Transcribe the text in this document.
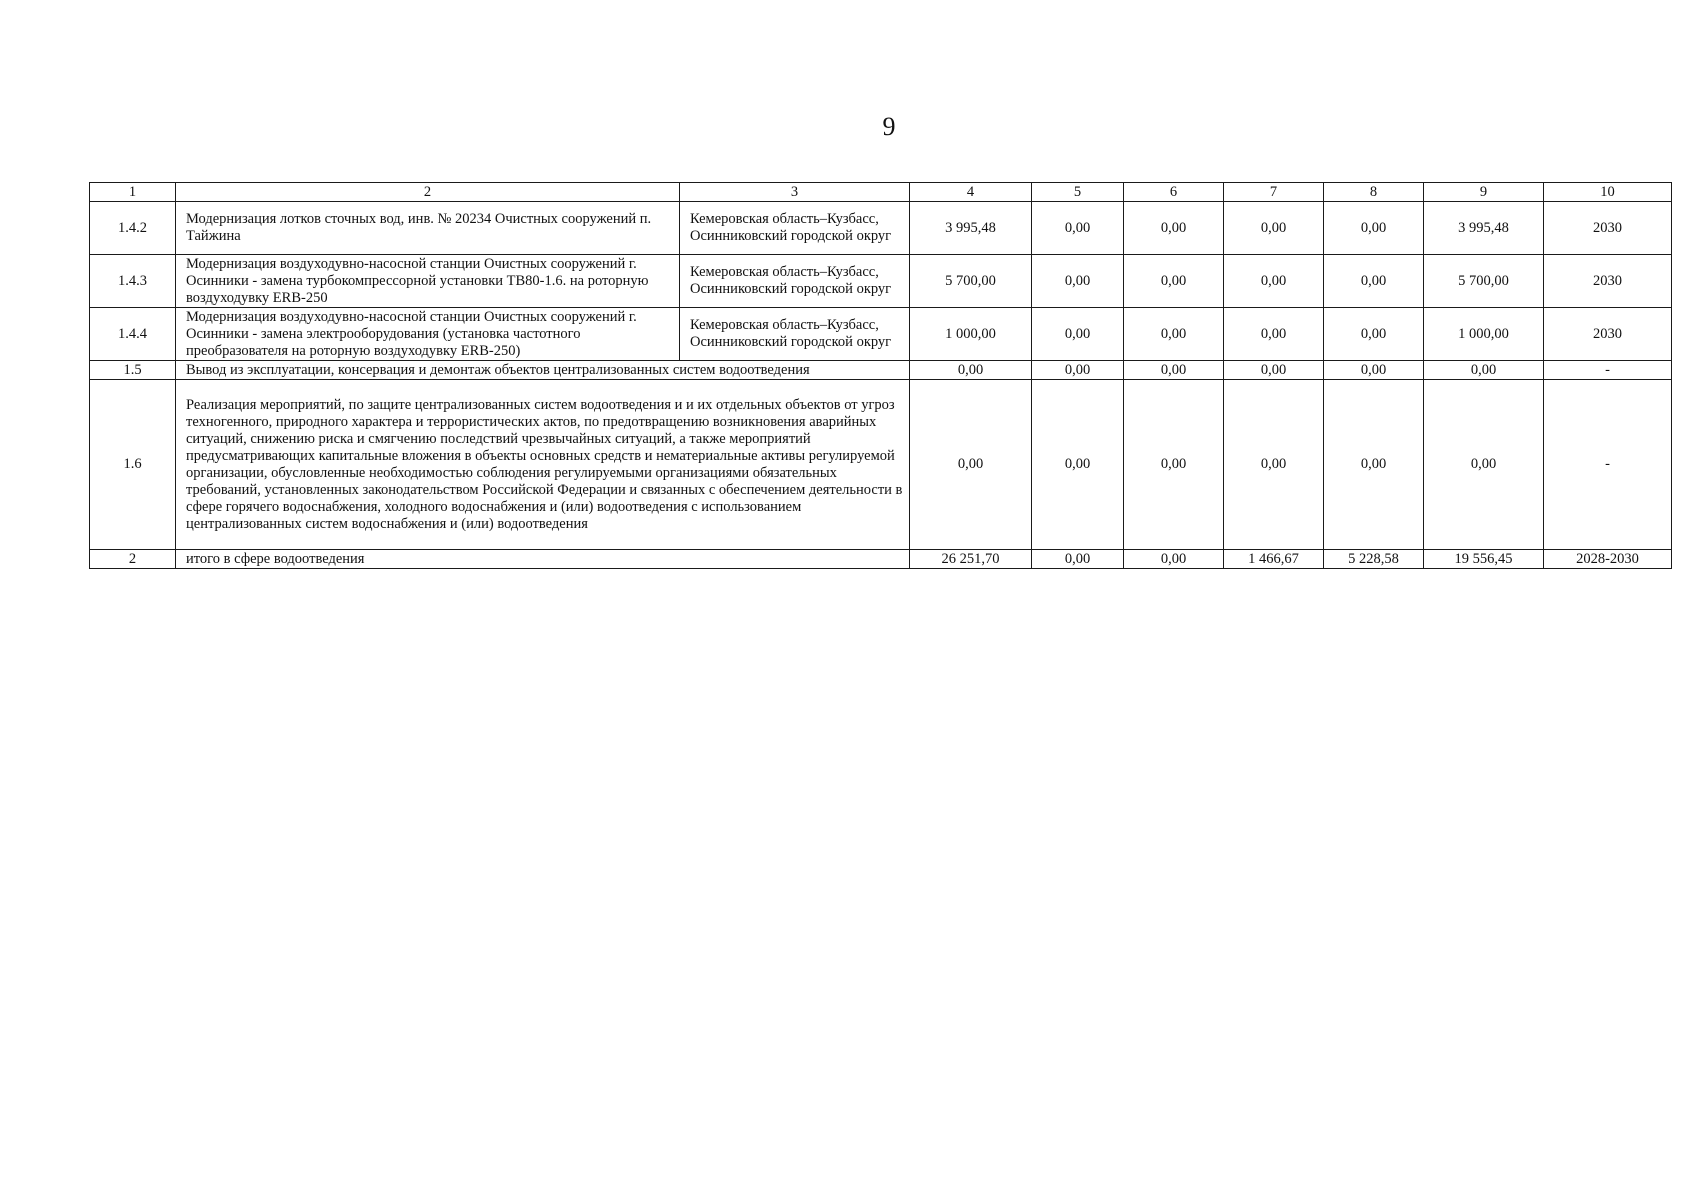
9
1	2	3	4	5	6	7	8	9	10
1.4.2	Модернизация лотков сточных вод, инв. № 20234 Очистных сооружений п. Тайжина	Кемеровская область–Кузбасс, Осинниковский городской округ	3 995,48	0,00	0,00	0,00	0,00	3 995,48	2030
1.4.3	Модернизация воздуходувно-насосной станции Очистных сооружений г. Осинники - замена турбокомпрессорной установки ТВ80-1.6. на роторную воздуходувку ERB-250	Кемеровская область–Кузбасс, Осинниковский городской округ	5 700,00	0,00	0,00	0,00	0,00	5 700,00	2030
1.4.4	Модернизация воздуходувно-насосной станции Очистных сооружений г. Осинники - замена электрооборудования (установка частотного преобразователя на роторную воздуходувку ERB-250)	Кемеровская область–Кузбасс, Осинниковский городской округ	1 000,00	0,00	0,00	0,00	0,00	1 000,00	2030
1.5	Вывод из эксплуатации, консервация и демонтаж объектов централизованных систем водоотведения		0,00	0,00	0,00	0,00	0,00	0,00	-
1.6	Реализация мероприятий, по защите централизованных систем водоотведения и и их отдельных объектов от угроз техногенного, природного характера и террористических актов, по предотвращению возникновения аварийных ситуаций, снижению риска и смягчению последствий чрезвычайных ситуаций, а также мероприятий предусматривающих капитальные вложения в объекты основных средств и нематериальные активы регулируемой организации, обусловленные необходимостью соблюдения регулируемыми организациями обязательных требований, установленных законодательством Российской Федерации и связанных с обеспечением деятельности в сфере горячего водоснабжения, холодного водоснабжения и (или) водоотведения с использованием централизованных систем водоснабжения и (или) водоотведения		0,00	0,00	0,00	0,00	0,00	0,00	-
2	итого в сфере водоотведения		26 251,70	0,00	0,00	1 466,67	5 228,58	19 556,45	2028-2030
